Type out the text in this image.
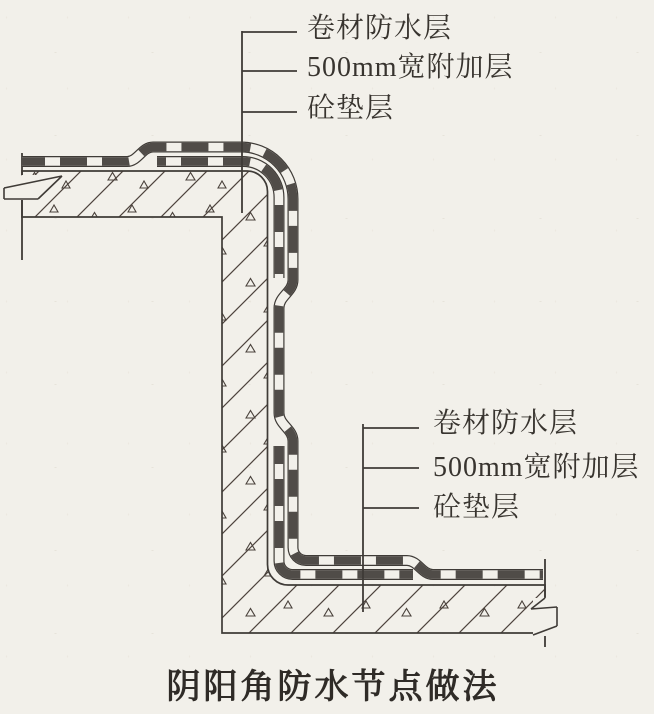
卷材防水层
500mm宽附加层
砼垫层
卷材防水层
500mm宽附加层
砼垫层
阴阳角防水节点做法
